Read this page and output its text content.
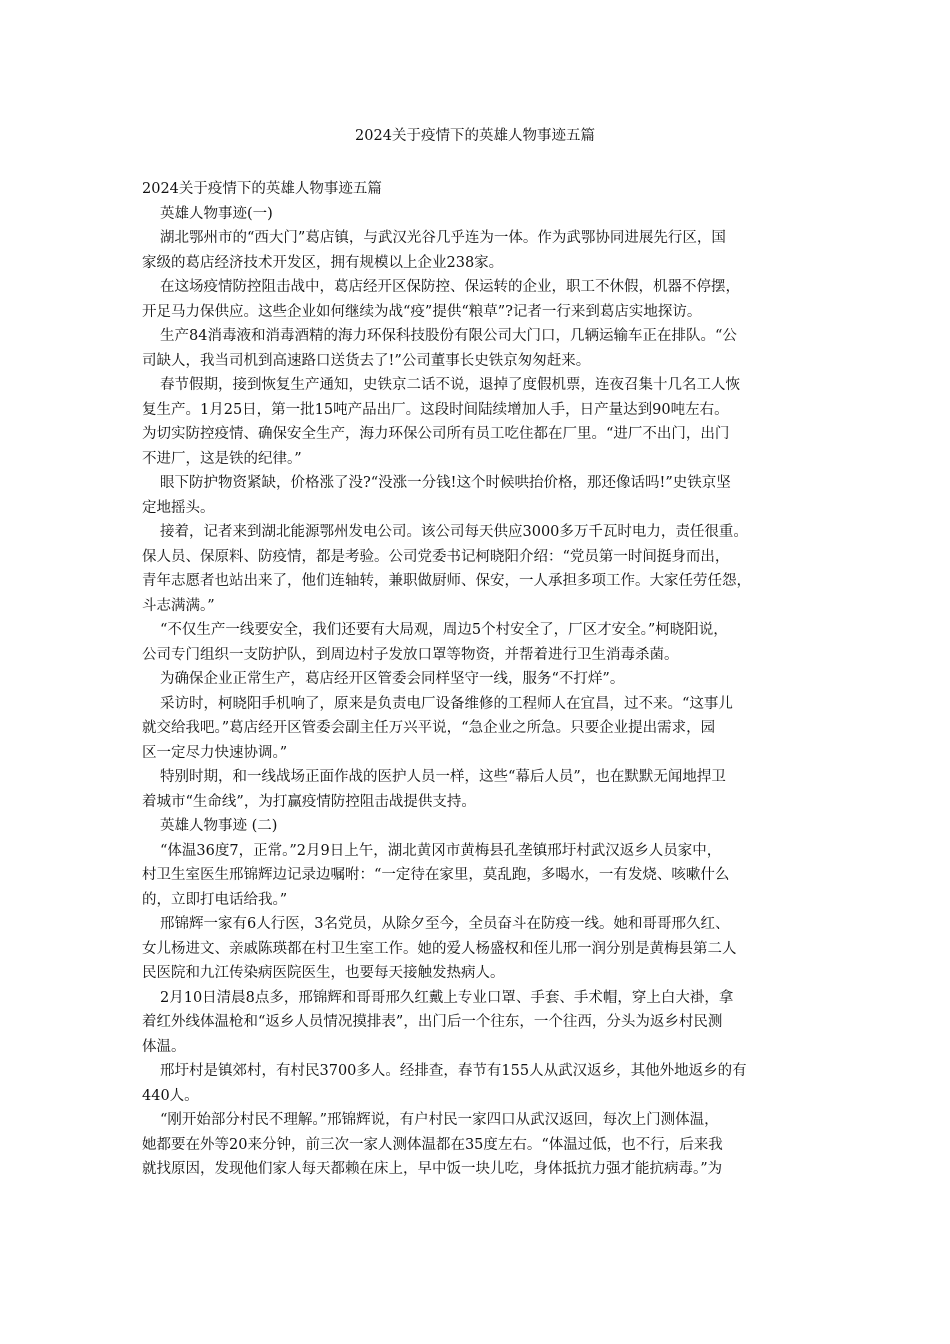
2024关于疫情下的英雄人物事迹五篇

2024关于疫情下的英雄人物事迹五篇

英雄人物事迹(一)

湖北鄂州市的“西大门”葛店镇，与武汉光谷几乎连为一体。作为武鄂协同进展先行区，国

家级的葛店经济技术开发区，拥有规模以上企业238家。

在这场疫情防控阻击战中，葛店经开区保防控、保运转的企业，职工不休假，机器不停摆，

开足马力保供应。这些企业如何继续为战“疫”提供“粮草”?记者一行来到葛店实地探访。

生产84消毒液和消毒酒精的海力环保科技股份有限公司大门口，几辆运输车正在排队。“公

司缺人，我当司机到高速路口送货去了!”公司董事长史铁京匆匆赶来。

春节假期，接到恢复生产通知，史铁京二话不说，退掉了度假机票，连夜召集十几名工人恢

复生产。1月25日，第一批15吨产品出厂。这段时间陆续增加人手，日产量达到90吨左右。

为切实防控疫情、确保安全生产，海力环保公司所有员工吃住都在厂里。“进厂不出门，出门

不进厂，这是铁的纪律。”

眼下防护物资紧缺，价格涨了没?“没涨一分钱!这个时候哄抬价格，那还像话吗!”史铁京坚

定地摇头。

接着，记者来到湖北能源鄂州发电公司。该公司每天供应3000多万千瓦时电力，责任很重。

保人员、保原料、防疫情，都是考验。公司党委书记柯晓阳介绍：“党员第一时间挺身而出，

青年志愿者也站出来了，他们连轴转，兼职做厨师、保安，一人承担多项工作。大家任劳任怨，

斗志满满。”

“不仅生产一线要安全，我们还要有大局观，周边5个村安全了，厂区才安全。”柯晓阳说，

公司专门组织一支防护队，到周边村子发放口罩等物资，并帮着进行卫生消毒杀菌。

为确保企业正常生产，葛店经开区管委会同样坚守一线，服务“不打烊”。

采访时，柯晓阳手机响了，原来是负责电厂设备维修的工程师人在宜昌，过不来。“这事儿

就交给我吧。”葛店经开区管委会副主任万兴平说，“急企业之所急。只要企业提出需求，园

区一定尽力快速协调。”

特别时期，和一线战场正面作战的医护人员一样，这些“幕后人员”，也在默默无闻地捍卫

着城市“生命线”，为打赢疫情防控阻击战提供支持。

英雄人物事迹 (二)

“体温36度7，正常。”2月9日上午，湖北黄冈市黄梅县孔垄镇邢圩村武汉返乡人员家中，

村卫生室医生邢锦辉边记录边嘱咐：“一定待在家里，莫乱跑，多喝水，一有发烧、咳嗽什么

的，立即打电话给我。”

邢锦辉一家有6人行医，3名党员，从除夕至今，全员奋斗在防疫一线。她和哥哥邢久红、

女儿杨进文、亲戚陈瑛都在村卫生室工作。她的爱人杨盛权和侄儿邢一润分别是黄梅县第二人

民医院和九江传染病医院医生，也要每天接触发热病人。

2月10日清晨8点多，邢锦辉和哥哥邢久红戴上专业口罩、手套、手术帽，穿上白大褂，拿

着红外线体温枪和“返乡人员情况摸排表”，出门后一个往东，一个往西，分头为返乡村民测

体温。

邢圩村是镇郊村，有村民3700多人。经排查，春节有155人从武汉返乡，其他外地返乡的有

440人。

“刚开始部分村民不理解。”邢锦辉说，有户村民一家四口从武汉返回，每次上门测体温，

她都要在外等20来分钟，前三次一家人测体温都在35度左右。“体温过低，也不行，后来我

就找原因，发现他们家人每天都赖在床上，早中饭一块儿吃，身体抵抗力强才能抗病毒。”为
